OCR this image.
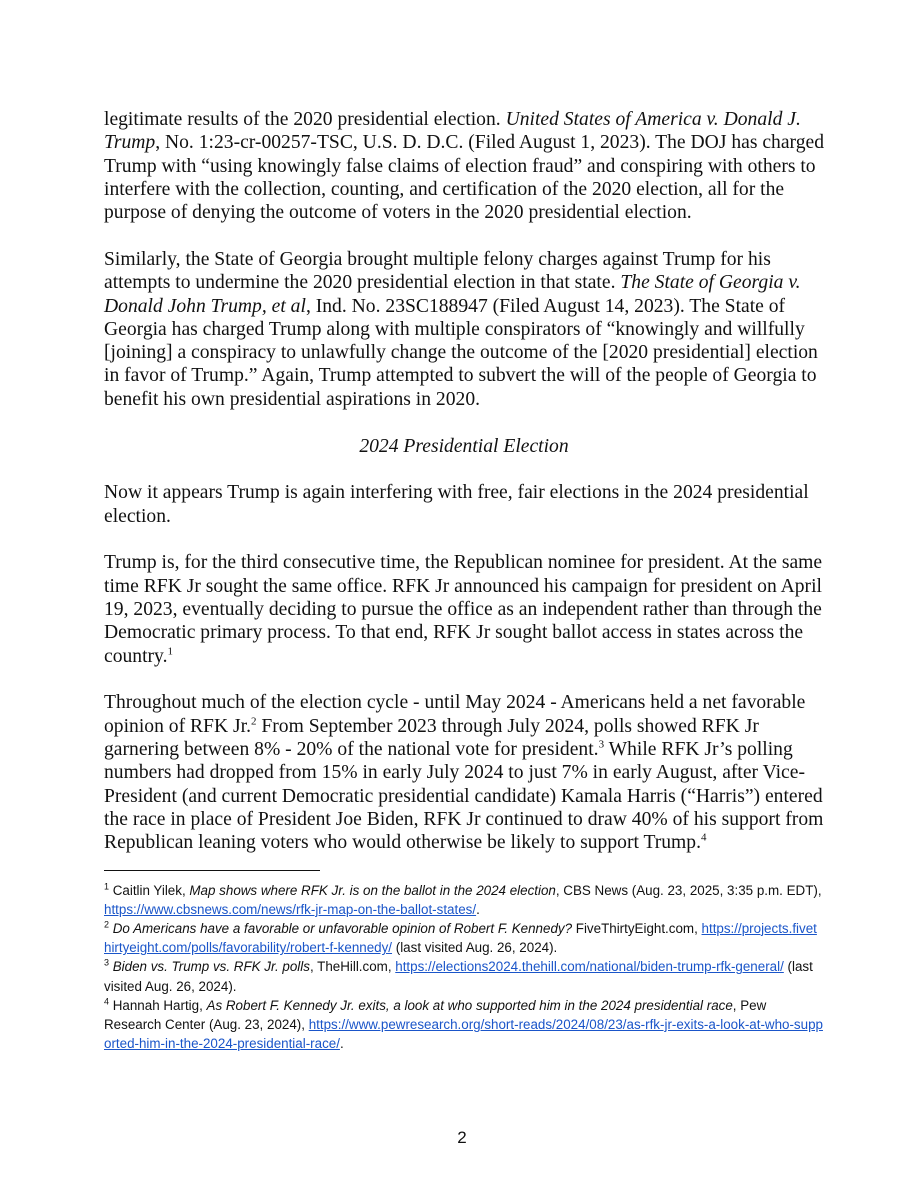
legitimate results of the 2020 presidential election. United States of America v. Donald J. Trump, No. 1:23-cr-00257-TSC, U.S. D. D.C. (Filed August 1, 2023). The DOJ has charged Trump with “using knowingly false claims of election fraud” and conspiring with others to interfere with the collection, counting, and certification of the 2020 election, all for the purpose of denying the outcome of voters in the 2020 presidential election.

Similarly, the State of Georgia brought multiple felony charges against Trump for his attempts to undermine the 2020 presidential election in that state. The State of Georgia v. Donald John Trump, et al, Ind. No. 23SC188947 (Filed August 14, 2023). The State of Georgia has charged Trump along with multiple conspirators of “knowingly and willfully [joining] a conspiracy to unlawfully change the outcome of the [2020 presidential] election in favor of Trump.” Again, Trump attempted to subvert the will of the people of Georgia to benefit his own presidential aspirations in 2020.

2024 Presidential Election

Now it appears Trump is again interfering with free, fair elections in the 2024 presidential election.

Trump is, for the third consecutive time, the Republican nominee for president. At the same time RFK Jr sought the same office. RFK Jr announced his campaign for president on April 19, 2023, eventually deciding to pursue the office as an independent rather than through the Democratic primary process. To that end, RFK Jr sought ballot access in states across the country.$^1$

Throughout much of the election cycle - until May 2024 - Americans held a net favorable opinion of RFK Jr.$^2$ From September 2023 through July 2024, polls showed RFK Jr garnering between 8% - 20% of the national vote for president.$^3$ While RFK Jr’s polling numbers had dropped from 15% in early July 2024 to just 7% in early August, after Vice-President (and current Democratic presidential candidate) Kamala Harris (“Harris”) entered the race in place of President Joe Biden, RFK Jr continued to draw 40% of his support from Republican leaning voters who would otherwise be likely to support Trump.$^4$

$^1$ Caitlin Yilek, Map shows where RFK Jr. is on the ballot in the 2024 election, CBS News (Aug. 23, 2025, 3:35 p.m. EDT), https://www.cbsnews.com/news/rfk-jr-map-on-the-ballot-states/.

$^2$ Do Americans have a favorable or unfavorable opinion of Robert F. Kennedy? FiveThirtyEight.com, https://projects.fivethirtyeight.com/polls/favorability/robert-f-kennedy/ (last visited Aug. 26, 2024).

$^3$ Biden vs. Trump vs. RFK Jr. polls, TheHill.com, https://elections2024.thehill.com/national/biden-trump-rfk-general/ (last visited Aug. 26, 2024).

$^4$ Hannah Hartig, As Robert F. Kennedy Jr. exits, a look at who supported him in the 2024 presidential race, Pew Research Center (Aug. 23, 2024), https://www.pewresearch.org/short-reads/2024/08/23/as-rfk-jr-exits-a-look-at-who-supported-him-in-the-2024-presidential-race/.

2
